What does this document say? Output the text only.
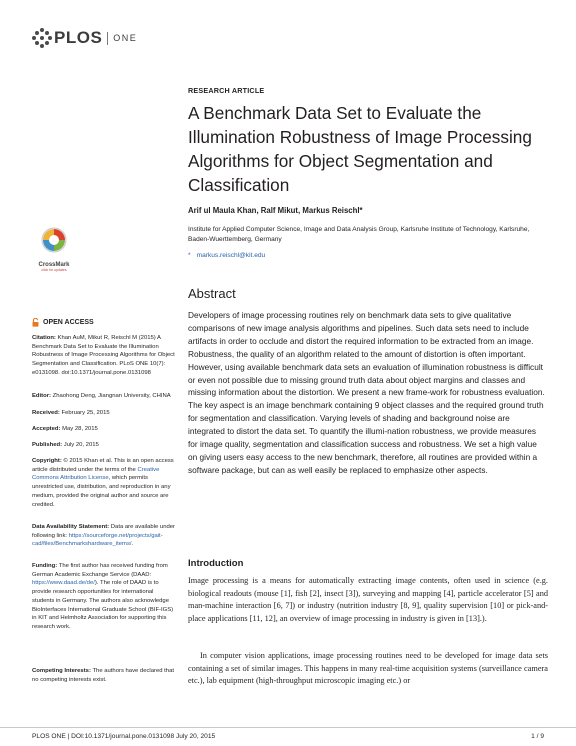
PLOS ONE
RESEARCH ARTICLE
A Benchmark Data Set to Evaluate the Illumination Robustness of Image Processing Algorithms for Object Segmentation and Classification
Arif ul Maula Khan, Ralf Mikut, Markus Reischl*
Institute for Applied Computer Science, Image and Data Analysis Group, Karlsruhe Institute of Technology, Karlsruhe, Baden-Wuerttemberg, Germany
* markus.reischl@kit.edu
Abstract
Developers of image processing routines rely on benchmark data sets to give qualitative comparisons of new image analysis algorithms and pipelines. Such data sets need to include artifacts in order to occlude and distort the required information to be extracted from an image. Robustness, the quality of an algorithm related to the amount of distortion is often important. However, using available benchmark data sets an evaluation of illumination robustness is difficult or even not possible due to missing ground truth data about object margins and classes and missing information about the distortion. We present a new frame-work for robustness evaluation. The key aspect is an image benchmark containing 9 object classes and the required ground truth for segmentation and classification. Varying levels of shading and background noise are integrated to distort the data set. To quantify the illumi-nation robustness, we provide measures for image quality, segmentation and classification success and robustness. We set a high value on giving users easy access to the new benchmark, therefore, all routines are provided within a software package, but can as well easily be replaced to emphasize other aspects.
Introduction
Image processing is a means for automatically extracting image contents, often used in science (e.g. biological readouts (mouse [1], fish [2], insect [3]), surveying and mapping [4], particle accelerator [5] and man-machine interaction [6, 7]) or industry (nutrition industry [8, 9], quality supervision [10] or pick-and-place applications [11, 12], an overview of image processing in industry is given in [13].).
In computer vision applications, image processing routines need to be developed for image data sets containing a set of similar images. This happens in many real-time acquisition systems (surveillance camera etc.), lab equipment (high-throughput microscopic imaging etc.) or
CrossMark
click for updates
OPEN ACCESS
Citation: Khan AuM, Mikut R, Reischl M (2015) A Benchmark Data Set to Evaluate the Illumination Robustness of Image Processing Algorithms for Object Segmentation and Classification. PLoS ONE 10(7): e0131098. doi:10.1371/journal.pone.0131098
Editor: Zhaohong Deng, Jiangnan University, CHINA
Received: February 25, 2015
Accepted: May 28, 2015
Published: July 20, 2015
Copyright: © 2015 Khan et al. This is an open access article distributed under the terms of the Creative Commons Attribution License, which permits unrestricted use, distribution, and reproduction in any medium, provided the original author and source are credited.
Data Availability Statement: Data are available under following link: https://sourceforge.net/projects/gait-cad/files/Benchmarkshardware_items/.
Funding: The first author has received funding from German Academic Exchange Service (DAAD: https://www.daad.de/de/). The role of DAAD is to provide research opportunities for international students in Germany. The authors also acknowledge BioInterfaces International Graduate School (BIF-IGS) in KIT and Helmholtz Association for supporting this research work.
Competing Interests: The authors have declared that no competing interests exist.
PLOS ONE | DOI:10.1371/journal.pone.0131098 July 20, 2015	1 / 9
